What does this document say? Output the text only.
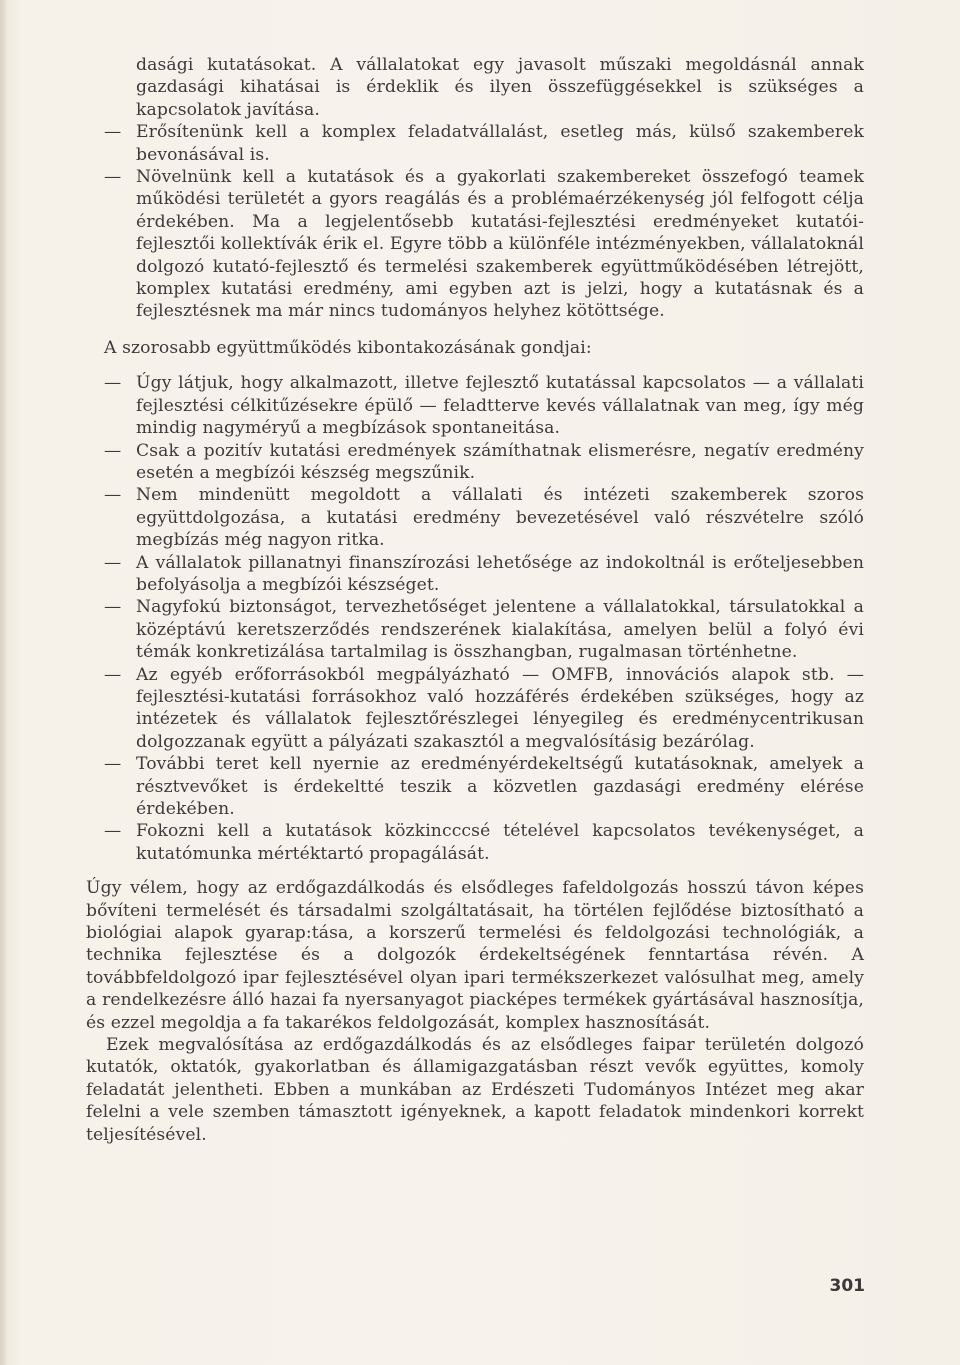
dasági kutatásokat. A vállalatokat egy javasolt műszaki megoldásnál annak gazdasági kihatásai is érdeklik és ilyen összefüggésekkel is szükséges a kapcsolatok javítása.

— Erősítenünk kell a komplex feladatvállalást, esetleg más, külső szakemberek bevonásával is.
— Növelnünk kell a kutatások és a gyakorlati szakembereket összefogó teamek működési területét a gyors reagálás és a problémaérzékenység jól felfogott célja érdekében. Ma a legjelentősebb kutatási-fejlesztési eredményeket kutatói-fejlesztői kollektívák érik el. Egyre több a különféle intézményekben, vállalatoknál dolgozó kutató-fejlesztő és termelési szakemberek együttműködésében létrejött, komplex kutatási eredmény, ami egyben azt is jelzi, hogy a kutatásnak és a fejlesztésnek ma már nincs tudományos helyhez kötöttsége.

A szorosabb együttműködés kibontakozásának gondjai:

— Úgy látjuk, hogy alkalmazott, illetve fejlesztő kutatással kapcsolatos — a vállalati fejlesztési célkitűzésekre épülő — feladtterve kevés vállalatnak van meg, így még mindig nagyméryű a megbízások spontaneitása.
— Csak a pozitív kutatási eredmények számíthatnak elismerésre, negatív eredmény esetén a megbízói készség megszűnik.
— Nem mindenütt megoldott a vállalati és intézeti szakemberek szoros együttdolgozása, a kutatási eredmény bevezetésével való részvételre szóló megbízás még nagyon ritka.
— A vállalatok pillanatnyi finanszírozási lehetősége az indokoltnál is erőteljesebben befolyásolja a megbízói készséget.
— Nagyfokú biztonságot, tervezhetőséget jelentene a vállalatokkal, társulatokkal a középtávú keretszerződés rendszerének kialakítása, amelyen belül a folyó évi témák konkretizálása tartalmilag is összhangban, rugalmasan történhetne.
— Az egyéb erőforrásokból megpályázható — OMFB, innovációs alapok stb. — fejlesztési-kutatási forrásokhoz való hozzáférés érdekében szükséges, hogy az intézetek és vállalatok fejlesztőrészlegei lényegileg és eredménycentrikusan dolgozzanak együtt a pályázati szakasztól a megvalósításig bezárólag.
— További teret kell nyernie az eredményérdekeltségű kutatásoknak, amelyek a résztvevőket is érdekeltté teszik a közvetlen gazdasági eredmény elérése érdekében.
— Fokozni kell a kutatások közkincccsé tételével kapcsolatos tevékenységet, a kutatómunka mértéktartó propagálását.

Úgy vélem, hogy az erdőgazdálkodás és elsődleges fafeldolgozás hosszú távon képes bővíteni termelését és társadalmi szolgáltatásait, ha törtélen fejlődése biztosítható a biológiai alapok gyarap:tása, a korszerű termelési és feldolgozási technológiák, a technika fejlesztése és a dolgozók érdekeltségének fenntartása révén. A továbbfeldolgozó ipar fejlesztésével olyan ipari termékszerkezet valósulhat meg, amely a rendelkezésre álló hazai fa nyersanyagot piacképes termékek gyártásával hasznosítja, és ezzel megoldja a fa takarékos feldolgozását, komplex hasznosítását.

Ezek megvalósítása az erdőgazdálkodás és az elsődleges faipar területén dolgozó kutatók, oktatók, gyakorlatban és államigazgatásban részt vevők együttes, komoly feladatát jelentheti. Ebben a munkában az Erdészeti Tudományos Intézet meg akar felelni a vele szemben támasztott igényeknek, a kapott feladatok mindenkori korrekt teljesítésével.

301
